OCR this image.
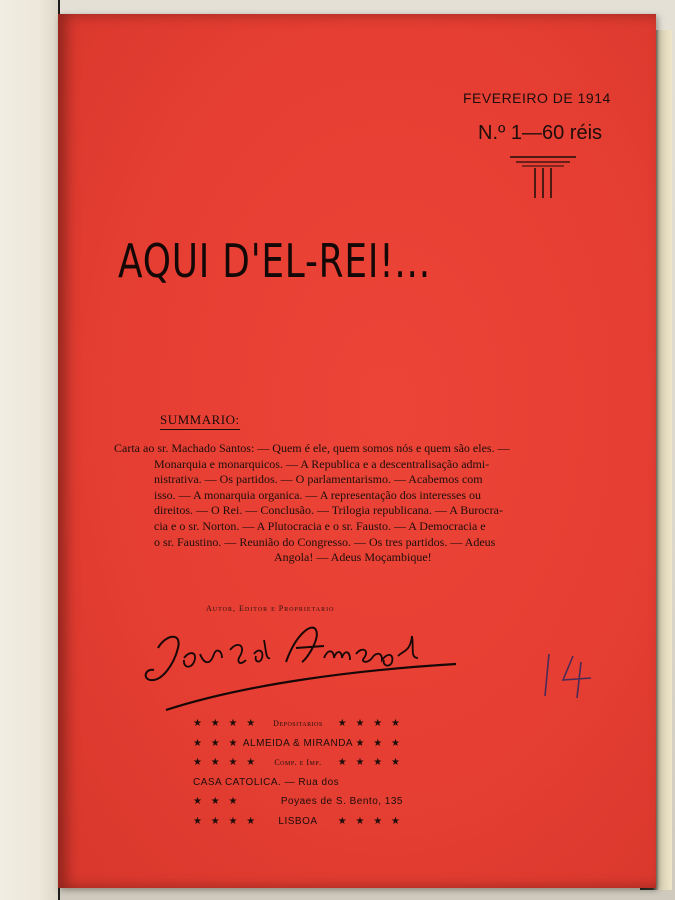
FEVEREIRO DE 1914
N.º 1—60 réis
AQUI D'EL-REI!...
SUMMARIO:

Carta ao sr. Machado Santos: — Quem é ele, quem somos nós e quem são eles. —

Monarquia e monarquicos. — A Republica e a descentralisação admi-

nistrativa. — Os partidos. — O parlamentarismo. — Acabemos com

isso. — A monarquia organica. — A representação dos interesses ou

direitos. — O Rei. — Conclusão. — Trilogia republicana. — A Burocra-

cia e o sr. Norton. — A Plutocracia e o sr. Fausto. — A Democracia e

o sr. Faustino. — Reunião do Congresso. — Os tres partidos. — Adeus

Angola! — Adeus Moçambique!

Autor, Editor e Proprietario
★ ★ ★ ★	Depositarios	★ ★ ★ ★
★ ★ ★ ALMEIDA & MIRANDA ★ ★ ★
★ ★ ★ ★	Comp. e Imp.	★ ★ ★ ★
CASA CATOLICA. — Rua dos
★ ★ ★	Poyaes de S. Bento, 135
★ ★ ★ ★	LISBOA	★ ★ ★ ★
